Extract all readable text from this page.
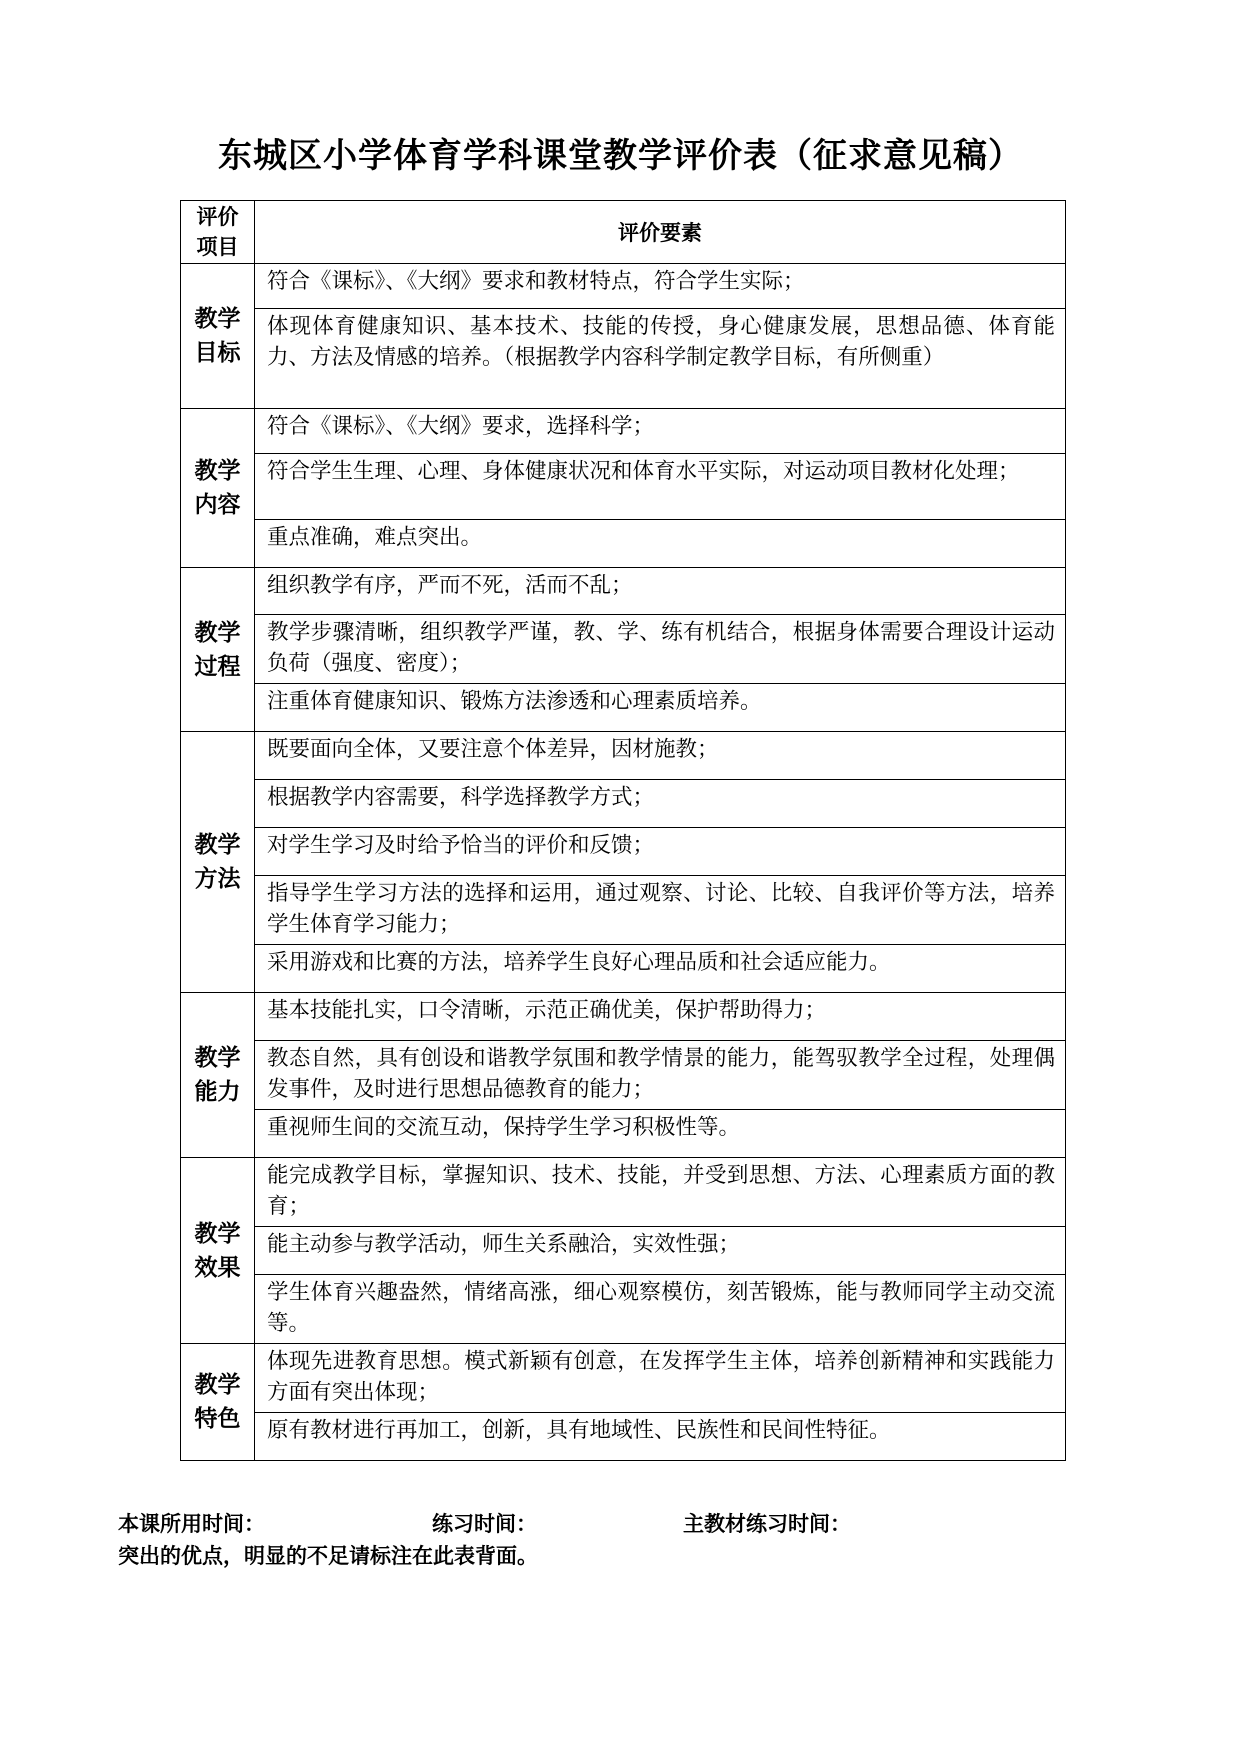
东城区小学体育学科课堂教学评价表（征求意见稿）
评价
项目	评价要素
教学
目标	符合《课标》、《大纲》要求和教材特点，符合学生实际；
	体现体育健康知识、基本技术、技能的传授，身心健康发展，思想品德、体育能力、方法及情感的培养。（根据教学内容科学制定教学目标，有所侧重）
教学
内容	符合《课标》、《大纲》要求，选择科学；
	符合学生生理、心理、身体健康状况和体育水平实际，对运动项目教材化处理；
	重点准确，难点突出。
教学
过程	组织教学有序，严而不死，活而不乱；
	教学步骤清晰，组织教学严谨，教、学、练有机结合，根据身体需要合理设计运动负荷（强度、密度）；
	注重体育健康知识、锻炼方法渗透和心理素质培养。
教学
方法	既要面向全体，又要注意个体差异，因材施教；
	根据教学内容需要，科学选择教学方式；
	对学生学习及时给予恰当的评价和反馈；
	指导学生学习方法的选择和运用，通过观察、讨论、比较、自我评价等方法，培养学生体育学习能力；
	采用游戏和比赛的方法，培养学生良好心理品质和社会适应能力。
教学
能力	基本技能扎实，口令清晰，示范正确优美，保护帮助得力；
	教态自然，具有创设和谐教学氛围和教学情景的能力，能驾驭教学全过程，处理偶发事件，及时进行思想品德教育的能力；
	重视师生间的交流互动，保持学生学习积极性等。
教学
效果	能完成教学目标，掌握知识、技术、技能，并受到思想、方法、心理素质方面的教育；
	能主动参与教学活动，师生关系融洽，实效性强；
	学生体育兴趣盎然，情绪高涨，细心观察模仿，刻苦锻炼，能与教师同学主动交流等。
教学
特色	体现先进教育思想。模式新颖有创意，在发挥学生主体，培养创新精神和实践能力方面有突出体现；
	原有教材进行再加工，创新，具有地域性、民族性和民间性特征。
本课所用时间：	练习时间：	主教材练习时间：
突出的优点，明显的不足请标注在此表背面。
